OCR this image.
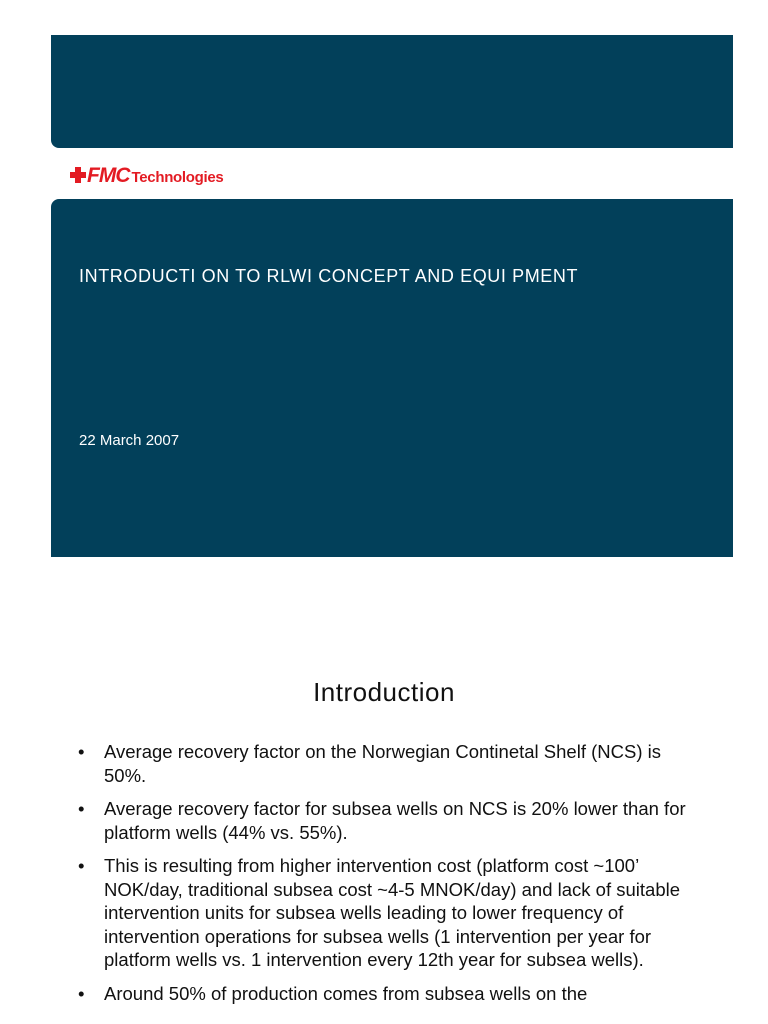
FMC Technologies
INTRODUCTI ON TO RLWI CONCEPT AND EQUI PMENT
22 March 2007
Introduction
• Average recovery factor on the Norwegian Continetal Shelf (NCS) is 50%.
• Average recovery factor for subsea wells on NCS is 20% lower than for platform wells (44% vs. 55%).
• This is resulting from higher intervention cost (platform cost ~100’ NOK/day, traditional subsea cost ~4-5 MNOK/day) and lack of suitable intervention units for subsea wells leading to lower frequency of intervention operations for subsea wells (1 intervention per year for platform wells vs. 1 intervention every 12th year for subsea wells).
• Around 50% of production comes from subsea wells on the
